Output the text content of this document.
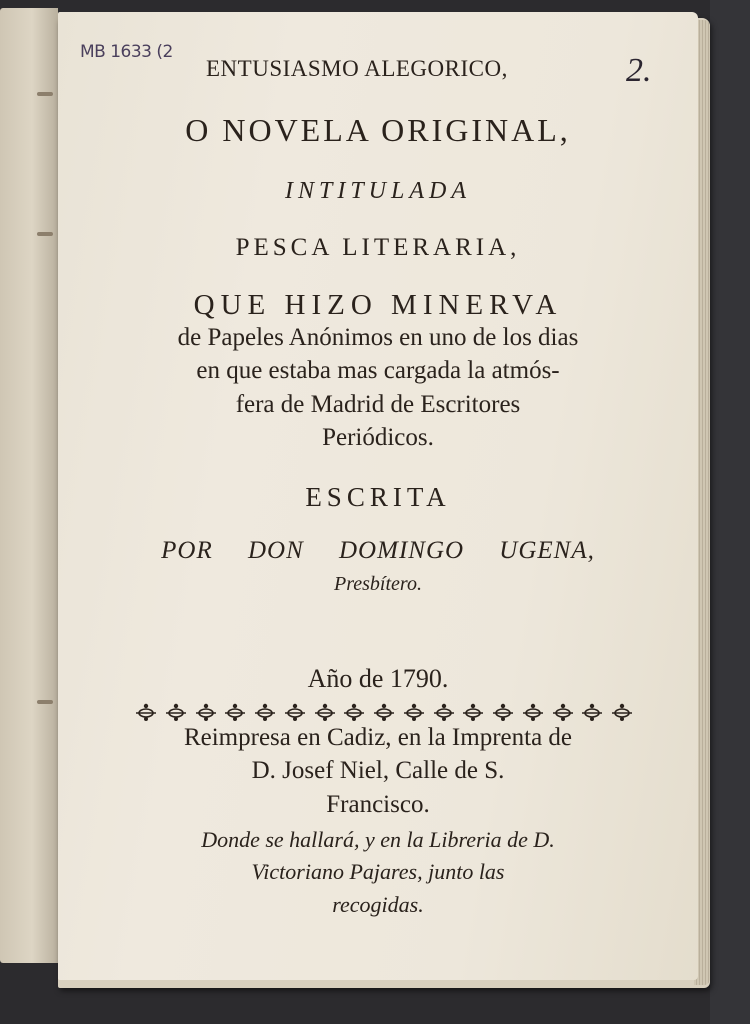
MB 1633 (2
ENTUSIASMO ALEGORICO,	2.
O NOVELA ORIGINAL,
INTITULADA
PESCA LITERARIA,
QUE HIZO MINERVA
de Papeles Anónimos en uno de los dias
en que estaba mas cargada la atmós-
fera de Madrid de Escritores
Periódicos.
ESCRITA
POR DON DOMINGO UGENA,
Presbítero.
Año de 1790.
Reimpresa en Cadiz, en la Imprenta de
D. Josef Niel, Calle de S.
Francisco.
Donde se hallará, y en la Libreria de D.
Victoriano Pajares, junto las
recogidas.
